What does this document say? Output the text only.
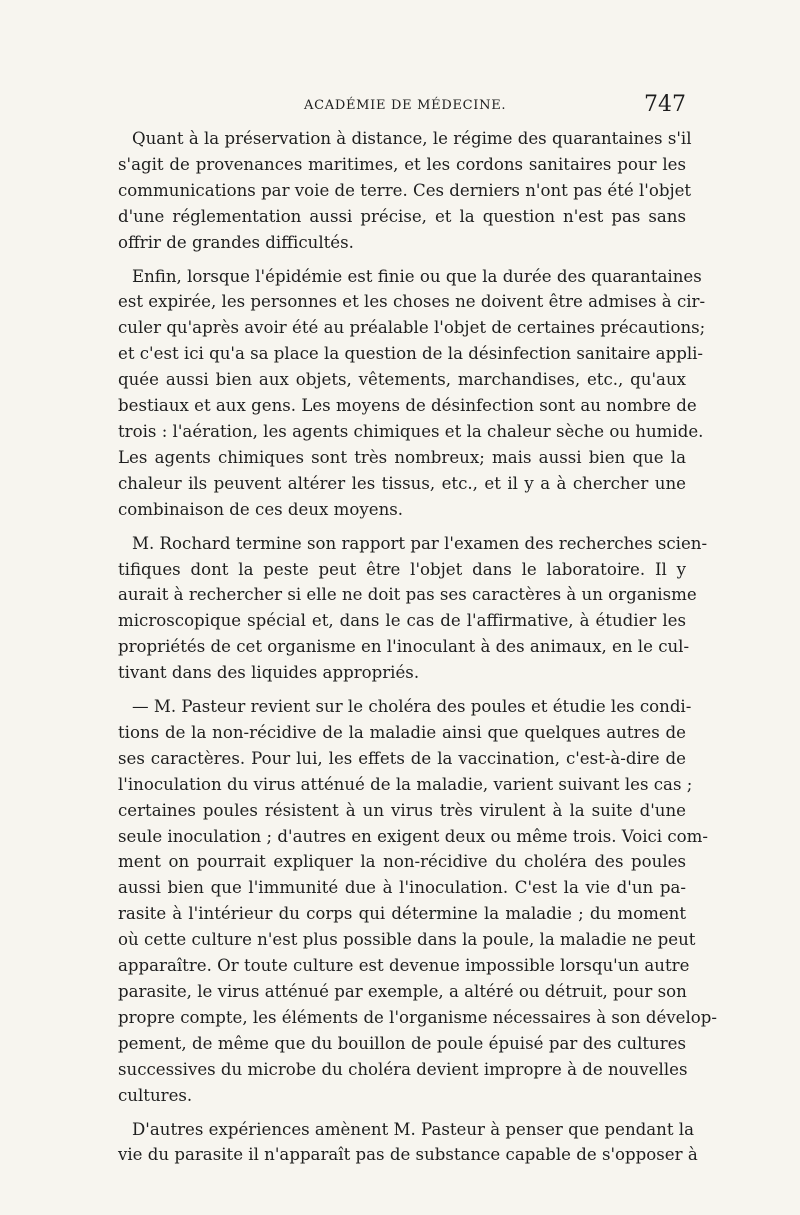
ACADÉMIE DE MÉDECINE.	747

Quant à la préservation à distance, le régime des quarantaines s'il
s'agit de provenances maritimes, et les cordons sanitaires pour les
communications par voie de terre. Ces derniers n'ont pas été l'objet
d'une réglementation aussi précise, et la question n'est pas sans
offrir de grandes difficultés.

Enfin, lorsque l'épidémie est finie ou que la durée des quarantaines
est expirée, les personnes et les choses ne doivent être admises à cir-
culer qu'après avoir été au préalable l'objet de certaines précautions;
et c'est ici qu'a sa place la question de la désinfection sanitaire appli-
quée aussi bien aux objets, vêtements, marchandises, etc., qu'aux
bestiaux et aux gens. Les moyens de désinfection sont au nombre de
trois : l'aération, les agents chimiques et la chaleur sèche ou humide.
Les agents chimiques sont très nombreux; mais aussi bien que la
chaleur ils peuvent altérer les tissus, etc., et il y a à chercher une
combinaison de ces deux moyens.

M. Rochard termine son rapport par l'examen des recherches scien-
tifiques dont la peste peut être l'objet dans le laboratoire. Il y
aurait à rechercher si elle ne doit pas ses caractères à un organisme
microscopique spécial et, dans le cas de l'affirmative, à étudier les
propriétés de cet organisme en l'inoculant à des animaux, en le cul-
tivant dans des liquides appropriés.

— M. Pasteur revient sur le choléra des poules et étudie les condi-
tions de la non-récidive de la maladie ainsi que quelques autres de
ses caractères. Pour lui, les effets de la vaccination, c'est-à-dire de
l'inoculation du virus atténué de la maladie, varient suivant les cas ;
certaines poules résistent à un virus très virulent à la suite d'une
seule inoculation ; d'autres en exigent deux ou même trois. Voici com-
ment on pourrait expliquer la non-récidive du choléra des poules
aussi bien que l'immunité due à l'inoculation. C'est la vie d'un pa-
rasite à l'intérieur du corps qui détermine la maladie ; du moment
où cette culture n'est plus possible dans la poule, la maladie ne peut
apparaître. Or toute culture est devenue impossible lorsqu'un autre
parasite, le virus atténué par exemple, a altéré ou détruit, pour son
propre compte, les éléments de l'organisme nécessaires à son dévelop-
pement, de même que du bouillon de poule épuisé par des cultures
successives du microbe du choléra devient impropre à de nouvelles
cultures.

D'autres expériences amènent M. Pasteur à penser que pendant la
vie du parasite il n'apparaît pas de substance capable de s'opposer à
